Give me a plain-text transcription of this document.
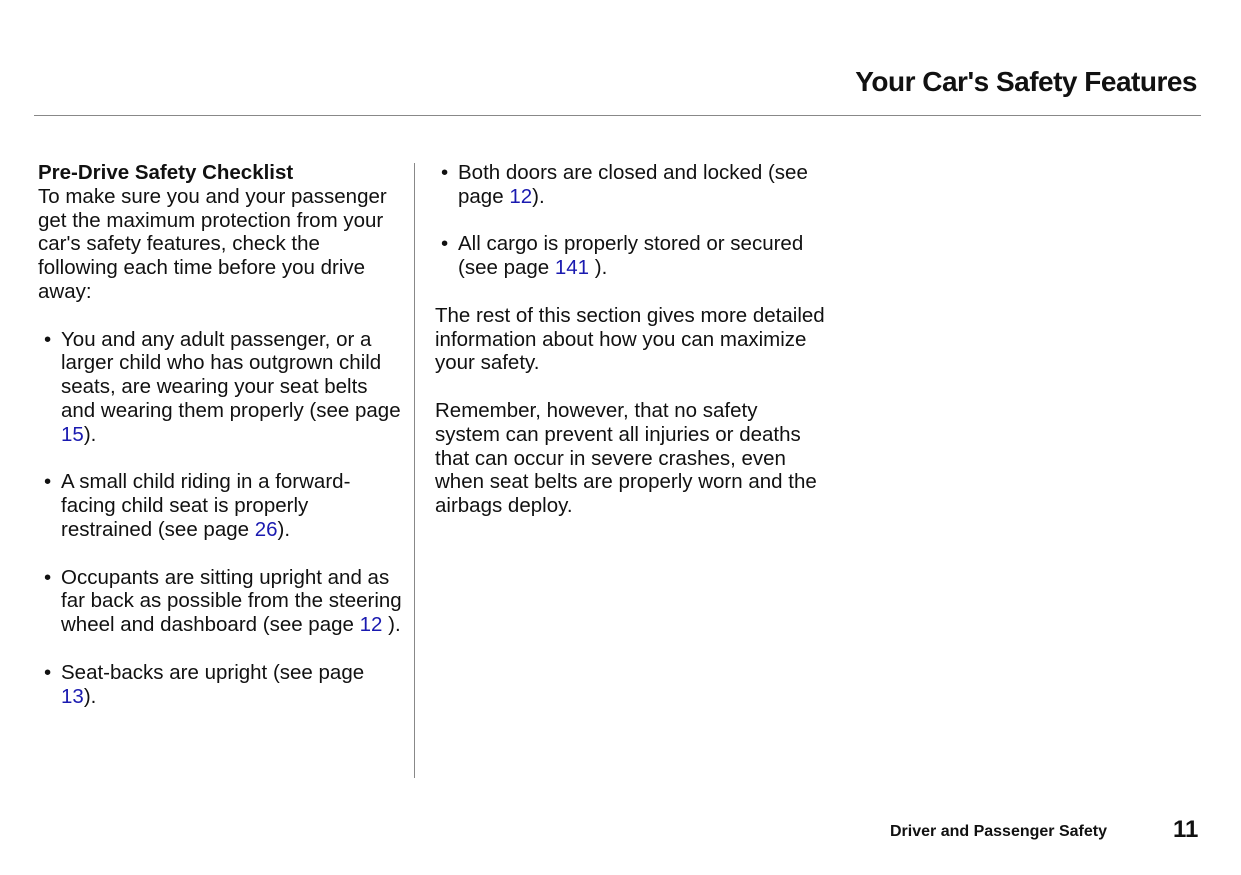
Your Car's Safety Features
Pre-Drive Safety Checklist

To make sure you and your passenger get the maximum protection from your car's safety features, check the following each time before you drive away:

• You and any adult passenger, or a larger child who has outgrown child seats, are wearing your seat belts and wearing them properly (see page 15).
• A small child riding in a forward-facing child seat is properly restrained (see page 26).
• Occupants are sitting upright and as far back as possible from the steering wheel and dashboard (see page 12 ).
• Seat-backs are upright (see page 13).
• Both doors are closed and locked (see page 12).
• All cargo is properly stored or secured (see page 141 ).

The rest of this section gives more detailed information about how you can maximize your safety.

Remember, however, that no safety system can prevent all injuries or deaths that can occur in severe crashes, even when seat belts are properly worn and the airbags deploy.

Driver and Passenger Safety	11
